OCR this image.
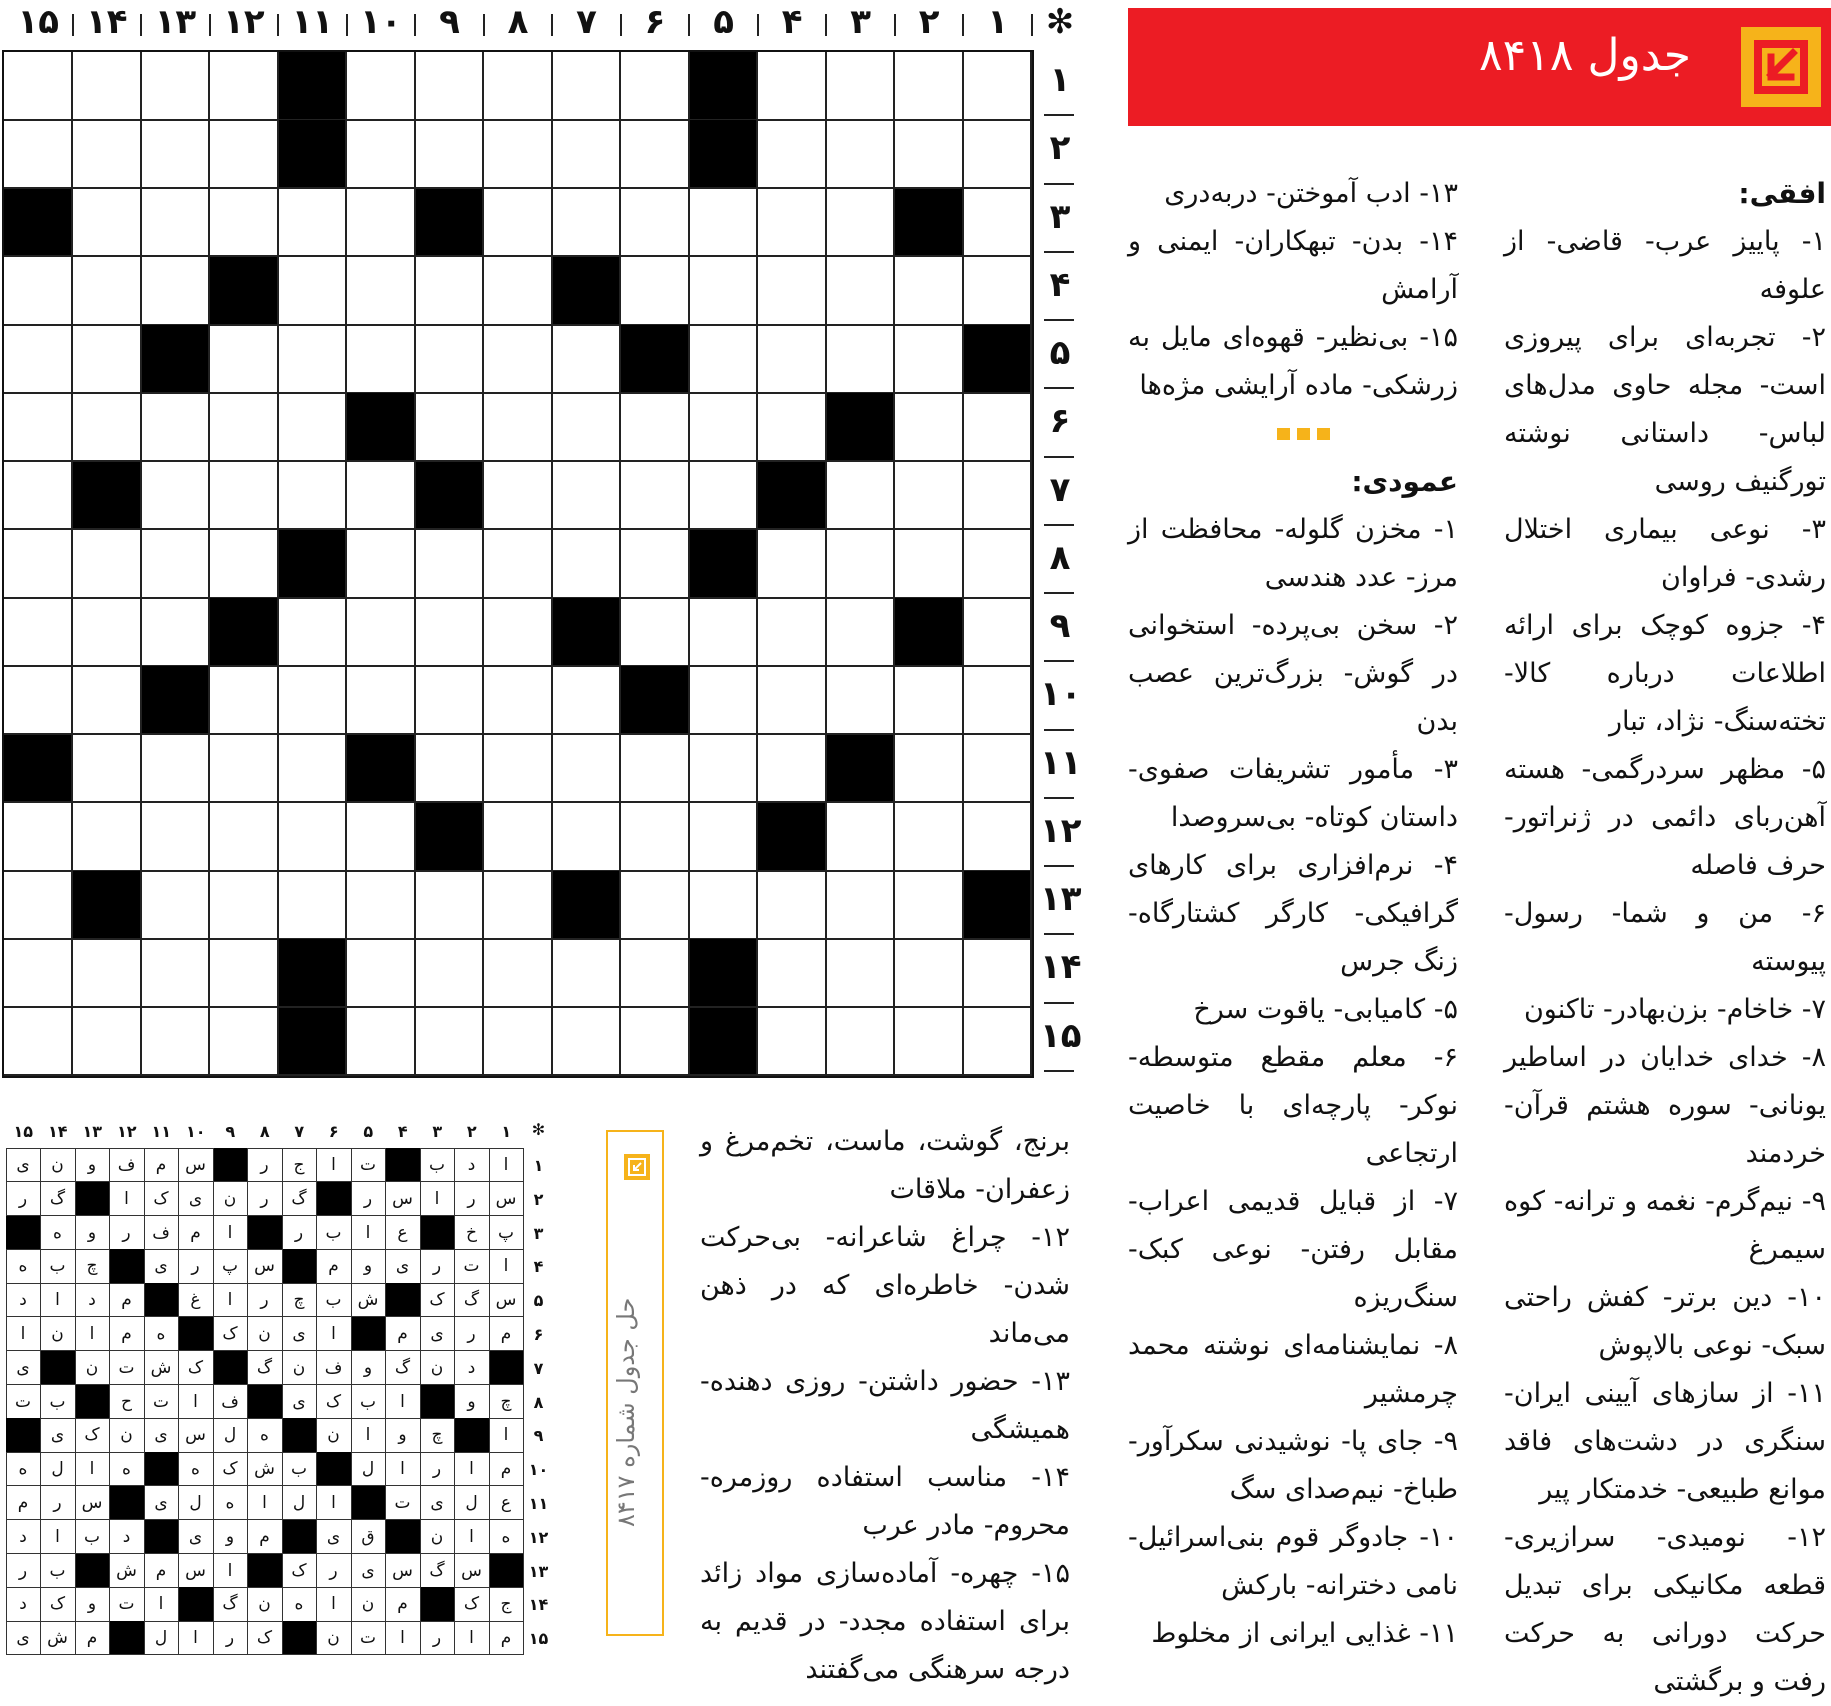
جدول ۸۴۱۸
✻
۱
۲
۳
۴
۵
۶
۷
۸
۹
۱۰
۱۱
۱۲
۱۳
۱۴
۱۵
۱
۲
۳
۴
۵
۶
۷
۸
۹
۱۰
۱۱
۱۲
۱۳
۱۴
۱۵
افقی:

۱- پاییز عرب- قاضی- از علوفه

۲- تجربه‌ای برای پیروزی است- مجله حاوی مدل‌های لباس- داستانی نوشته تورگنیف روسی

۳- نوعی بیماری اختلال رشدی- فراوان

۴- جزوه کوچک برای ارائه اطلاعات درباره کالا- تخته‌سنگ- نژاد، تبار

۵- مظهر سردرگمی- هسته آهن‌ربای دائمی در ژنراتور- حرف فاصله

۶- من و شما- رسول- پیوسته

۷- خاخام- بزن‌بهادر- تاکنون

۸- خدای خدایان در اساطیر یونانی- سوره هشتم قرآن- خردمند

۹- نیم‌گرم- نغمه و ترانه- کوه سیمرغ

۱۰- دین برتر- کفش راحتی سبک- نوعی بالاپوش

۱۱- از سازهای آیینی ایران- سنگری در دشت‌های فاقد موانع طبیعی- خدمتکار پیر

۱۲- نومیدی- سرازیری- قطعه مکانیکی برای تبدیل حرکت دورانی به حرکت رفت و برگشتی

۱۳- ادب آموختن- دربه‌دری

۱۴- بدن- تبهکاران- ایمنی و آرامش

۱۵- بی‌نظیر- قهوه‌ای مایل به زرشکی- ماده آرایشی مژه‌ها

عمودی:

۱- مخزن گلوله- محافظت از مرز- عدد هندسی

۲- سخن بی‌پرده- استخوانی در گوش- بزرگ‌ترین عصب بدن

۳- مأمور تشریفات صفوی- داستان کوتاه- بی‌سروصدا

۴- نرم‌افزاری برای کارهای گرافیکی- کارگر کشتارگاه- زنگ جرس

۵- کامیابی- یاقوت سرخ

۶- معلم مقطع متوسطه- نوکر- پارچه‌ای با خاصیت ارتجاعی

۷- از قبایل قدیمی اعراب- مقابل رفتن- نوعی کبک- سنگ‌ریزه

۸- نمایشنامه‌ای نوشته محمد چرمشیر

۹- جای پا- نوشیدنی سکرآور- طباخ- نیم‌صدای سگ

۱۰- جادوگر قوم بنی‌اسرائیل- نامی دخترانه- بارکش

۱۱- غذایی ایرانی از مخلوط

برنج، گوشت، ماست، تخم‌مرغ و زعفران- ملاقات

۱۲- چراغ شاعرانه- بی‌حرکت شدن- خاطره‌ای که در ذهن می‌ماند

۱۳- حضور داشتن- روزی دهنده- همیشگی

۱۴- مناسب استفاده روزمره- محروم- مادر عرب

۱۵- چهره- آماده‌سازی مواد زائد برای استفاده مجدد- در قدیم به درجه سرهنگی می‌گفتند

حل جدول شماره ۸۴۱۷
✻
۱
۲
۳
۴
۵
۶
۷
۸
۹
۱۰
۱۱
۱۲
۱۳
۱۴
۱۵
۱
ا
د
ب
ت
ا
ج
ر
س
م
ف
و
ن
ی
۲
س
ر
ا
س
ر
گ
ر
ن
ی
ک
ا
گ
ر
۳
پ
خ
ع
ا
ب
ر
ا
م
ف
ر
و
ه
۴
ا
ت
ر
ی
و
م
س
پ
ر
ی
چ
ب
ه
۵
س
گ
ک
ش
ب
چ
ر
ا
غ
م
د
ا
د
۶
م
ر
ی
م
ا
ی
ن
ک
ه
م
ا
ن
ا
۷
د
ن
گ
و
ف
ن
گ
ک
ش
ت
ن
ی
۸
چ
و
ا
ب
ک
ی
ف
ا
ت
ح
ب
ت
۹
ا
چ
و
ا
ن
ه
ل
س
ی
ن
ک
ی
۱۰
م
ا
ر
ا
ل
ب
ش
ک
ه
ه
ا
ل
ه
۱۱
ع
ل
ی
ت
ا
ل
ا
ه
ل
ی
س
ر
م
۱۲
ه
ا
ن
ق
ی
م
و
ی
د
ب
ا
د
۱۳
س
گ
س
ی
ر
ک
ا
س
م
ش
ب
ر
۱۴
ج
ک
م
ن
ا
ه
ن
گ
ا
ت
و
ک
د
۱۵
م
ا
ر
ا
ت
ن
ک
ر
ا
ل
م
ش
ی
